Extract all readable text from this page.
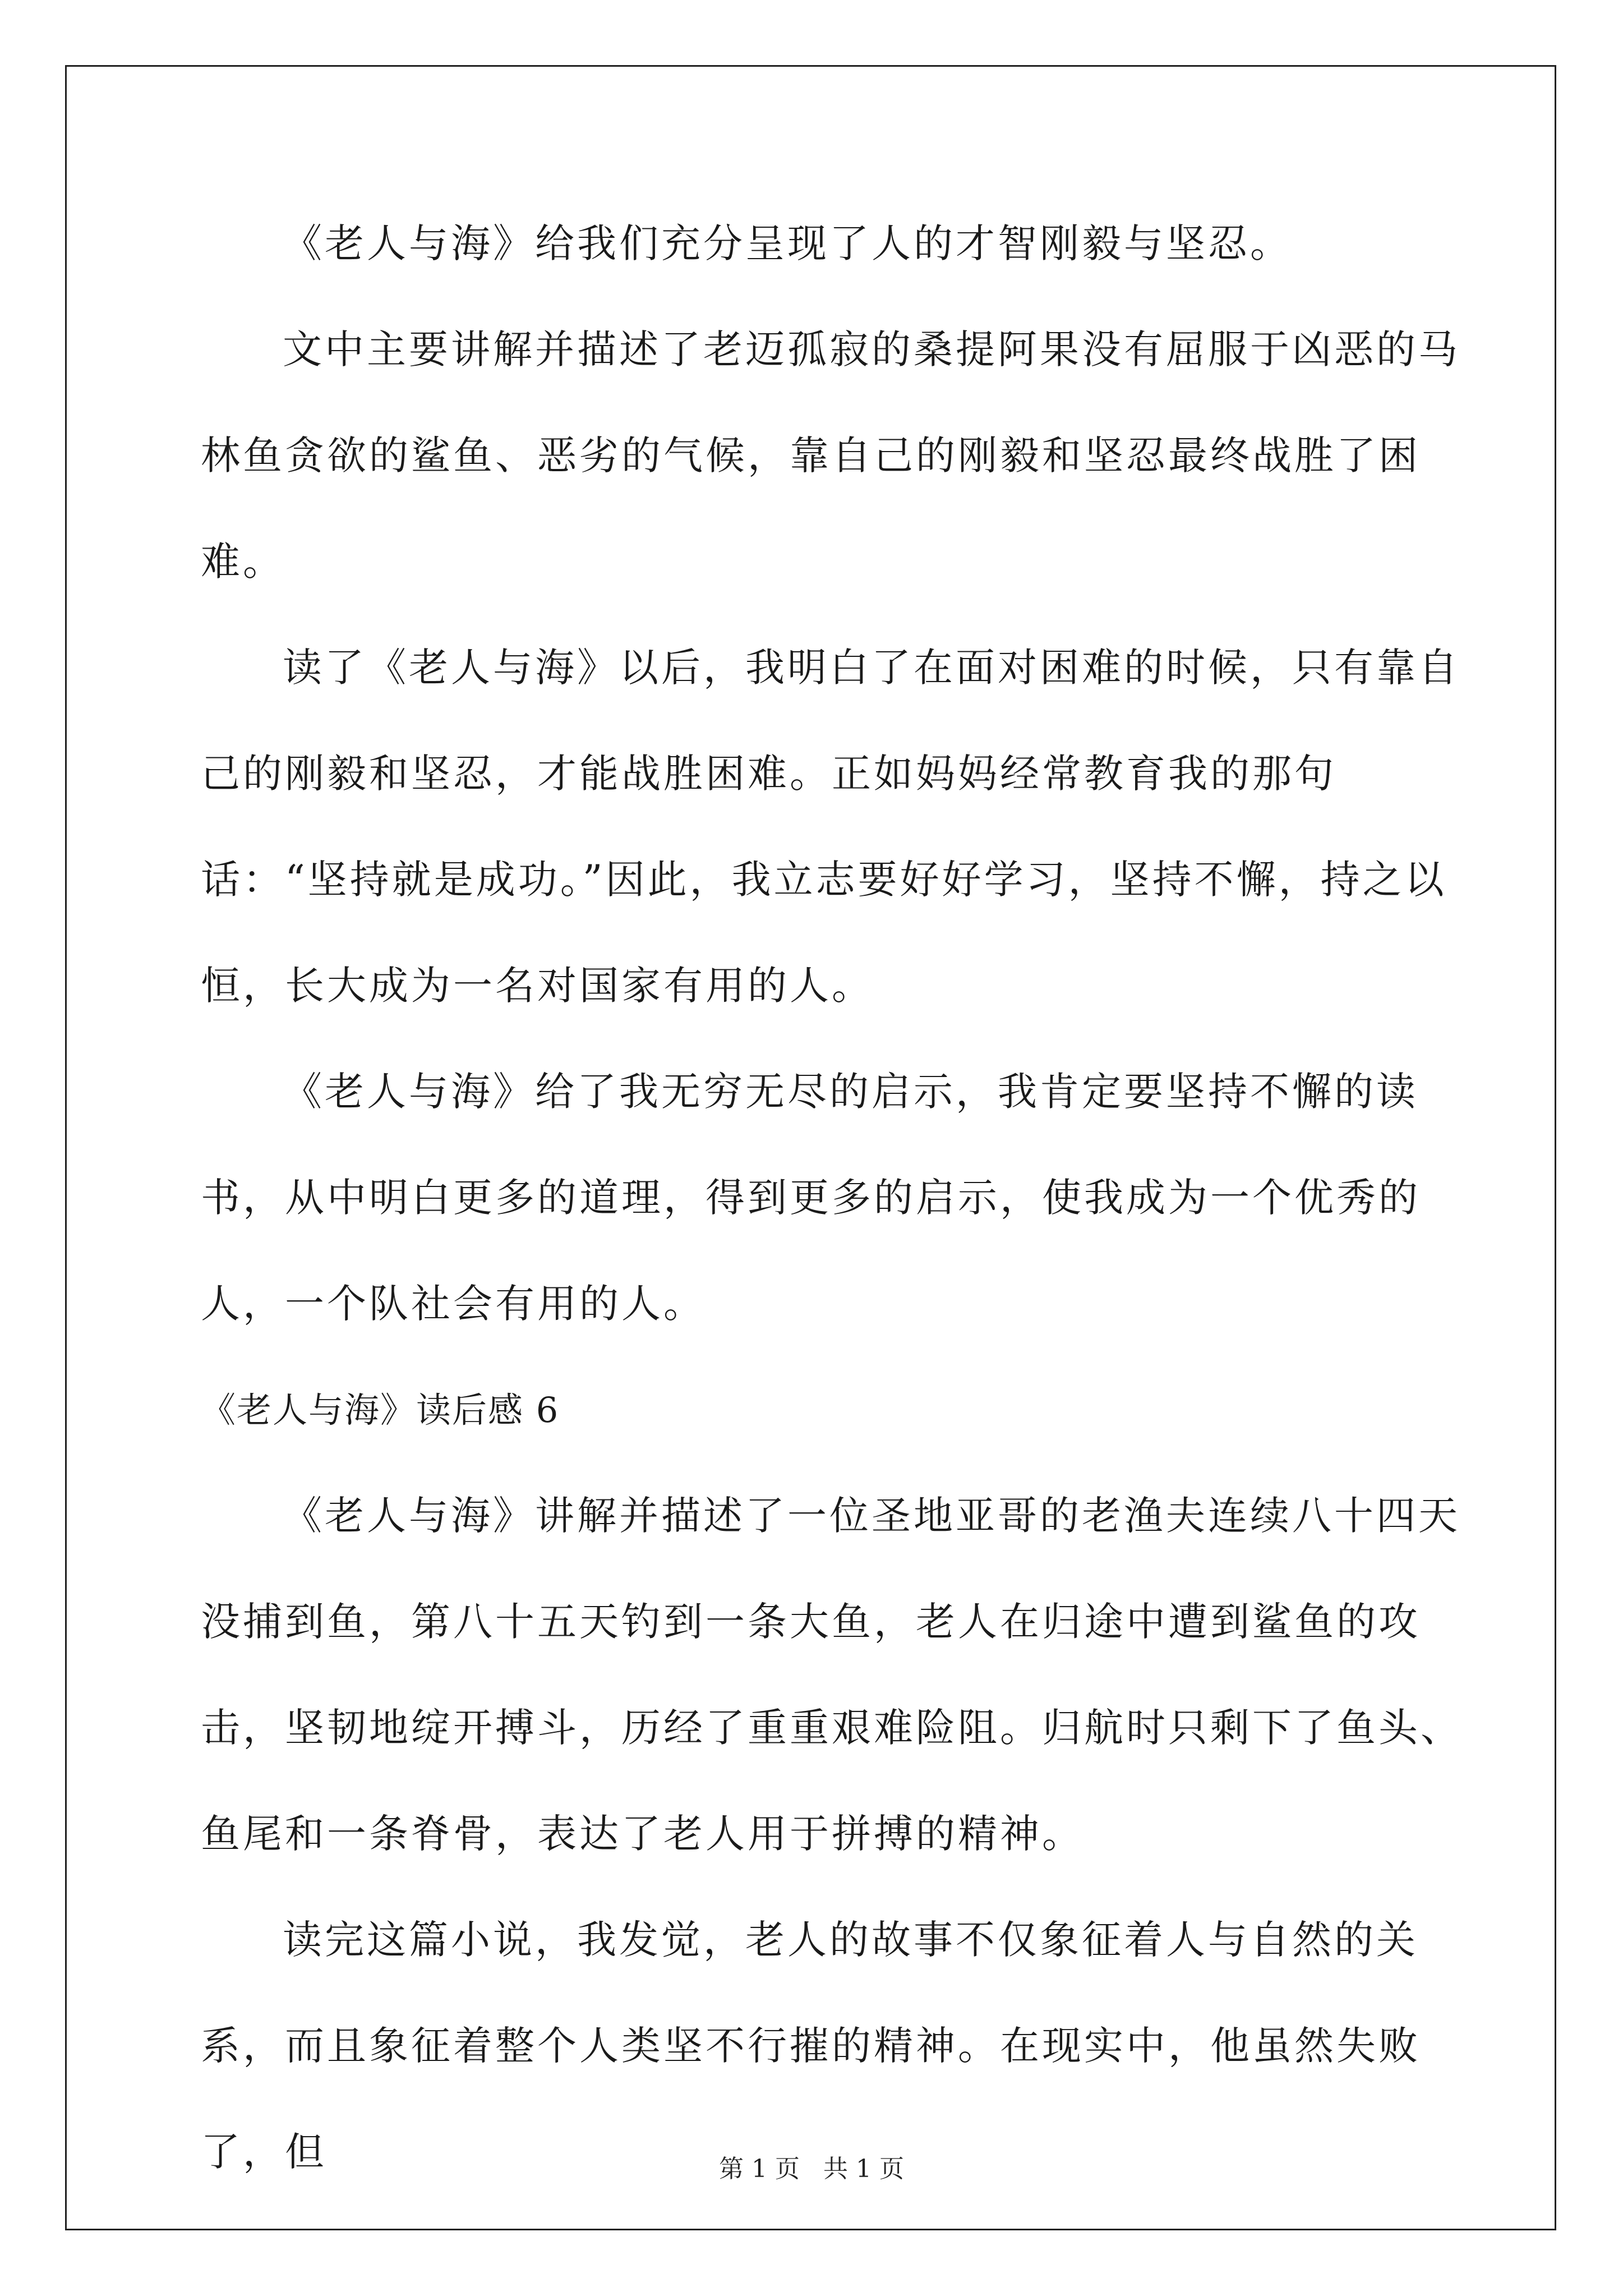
《老人与海》给我们充分呈现了人的才智刚毅与坚忍。

文中主要讲解并描述了老迈孤寂的桑提阿果没有屈服于凶恶的马林鱼贪欲的鲨鱼、恶劣的气候，靠自己的刚毅和坚忍最终战胜了困难。

读了《老人与海》以后，我明白了在面对困难的时候，只有靠自己的刚毅和坚忍，才能战胜困难。正如妈妈经常教育我的那句话：“坚持就是成功。”因此，我立志要好好学习，坚持不懈，持之以恒，长大成为一名对国家有用的人。

《老人与海》给了我无穷无尽的启示，我肯定要坚持不懈的读书，从中明白更多的道理，得到更多的启示，使我成为一个优秀的人，一个队社会有用的人。

《老人与海》读后感 6

《老人与海》讲解并描述了一位圣地亚哥的老渔夫连续八十四天没捕到鱼，第八十五天钓到一条大鱼，老人在归途中遭到鲨鱼的攻击，坚韧地绽开搏斗，历经了重重艰难险阻。归航时只剩下了鱼头、鱼尾和一条脊骨，表达了老人用于拼搏的精神。

读完这篇小说，我发觉，老人的故事不仅象征着人与自然的关系，而且象征着整个人类坚不行摧的精神。在现实中，他虽然失败了，但	第 1 页 共 1 页
